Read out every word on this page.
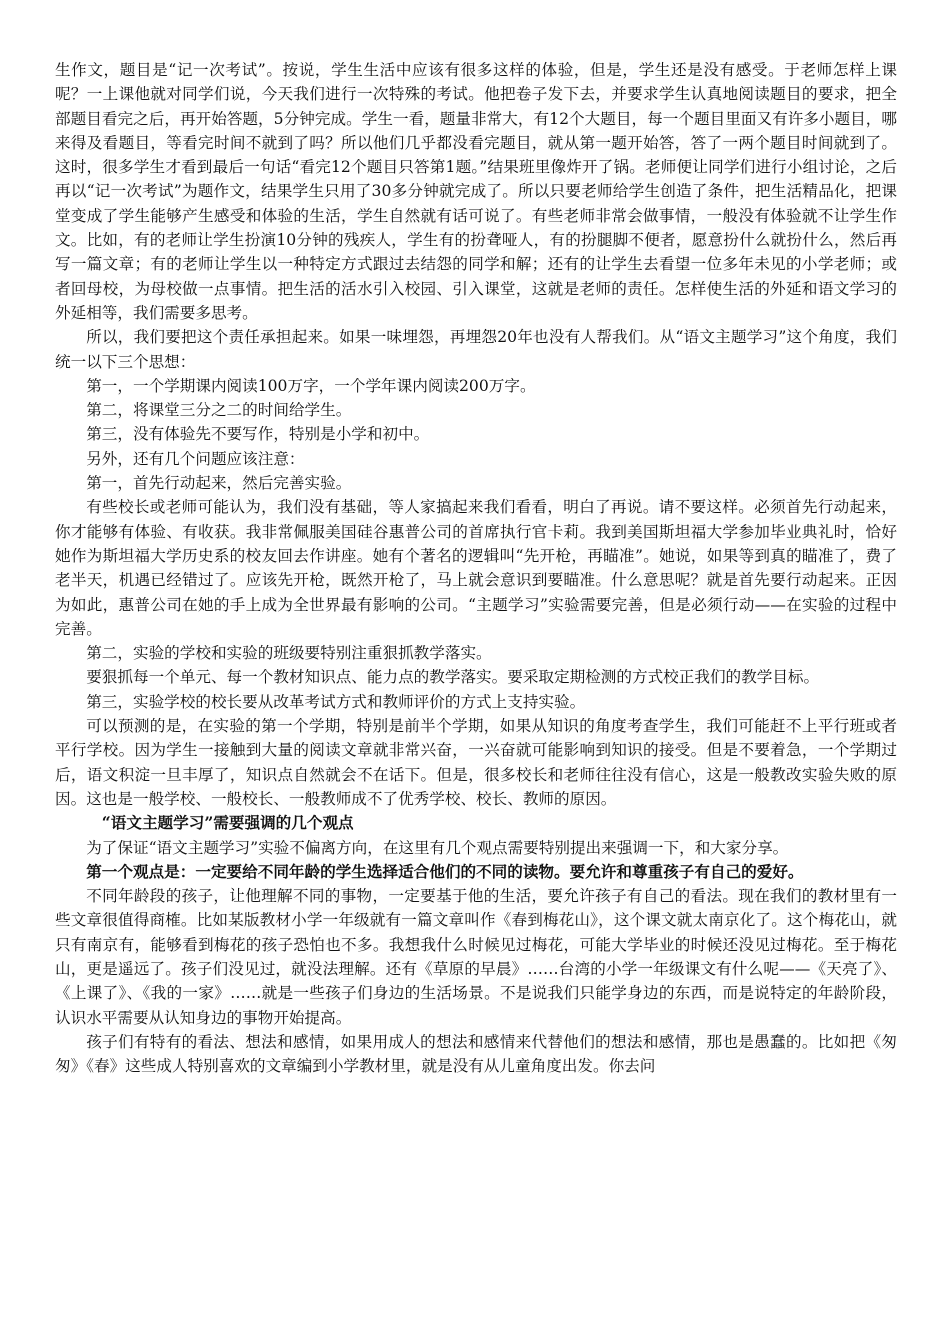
生作文，题目是“记一次考试”。按说，学生生活中应该有很多这样的体验，但是，学生还是没有感受。于老师怎样上课呢？一上课他就对同学们说，今天我们进行一次特殊的考试。他把卷子发下去，并要求学生认真地阅读题目的要求，把全部题目看完之后，再开始答题，5分钟完成。学生一看，题量非常大，有12个大题目，每一个题目里面又有许多小题目，哪来得及看题目，等看完时间不就到了吗？所以他们几乎都没看完题目，就从第一题开始答，答了一两个题目时间就到了。这时，很多学生才看到最后一句话“看完12个题目只答第1题。”结果班里像炸开了锅。老师便让同学们进行小组讨论，之后再以“记一次考试”为题作文，结果学生只用了30多分钟就完成了。所以只要老师给学生创造了条件，把生活精品化，把课堂变成了学生能够产生感受和体验的生活，学生自然就有话可说了。有些老师非常会做事情，一般没有体验就不让学生作文。比如，有的老师让学生扮演10分钟的残疾人，学生有的扮聋哑人，有的扮腿脚不便者，愿意扮什么就扮什么，然后再写一篇文章；有的老师让学生以一种特定方式跟过去结怨的同学和解；还有的让学生去看望一位多年未见的小学老师；或者回母校，为母校做一点事情。把生活的活水引入校园、引入课堂，这就是老师的责任。怎样使生活的外延和语文学习的外延相等，我们需要多思考。

所以，我们要把这个责任承担起来。如果一味埋怨，再埋怨20年也没有人帮我们。从“语文主题学习”这个角度，我们统一以下三个思想：

第一，一个学期课内阅读100万字，一个学年课内阅读200万字。

第二，将课堂三分之二的时间给学生。

第三，没有体验先不要写作，特别是小学和初中。

另外，还有几个问题应该注意：

第一，首先行动起来，然后完善实验。

有些校长或老师可能认为，我们没有基础，等人家搞起来我们看看，明白了再说。请不要这样。必须首先行动起来，你才能够有体验、有收获。我非常佩服美国硅谷惠普公司的首席执行官卡莉。我到美国斯坦福大学参加毕业典礼时，恰好她作为斯坦福大学历史系的校友回去作讲座。她有个著名的逻辑叫“先开枪，再瞄准”。她说，如果等到真的瞄准了，费了老半天，机遇已经错过了。应该先开枪，既然开枪了，马上就会意识到要瞄准。什么意思呢？就是首先要行动起来。正因为如此，惠普公司在她的手上成为全世界最有影响的公司。“主题学习”实验需要完善，但是必须行动——在实验的过程中完善。

第二，实验的学校和实验的班级要特别注重狠抓教学落实。

要狠抓每一个单元、每一个教材知识点、能力点的教学落实。要采取定期检测的方式校正我们的教学目标。

第三，实验学校的校长要从改革考试方式和教师评价的方式上支持实验。

可以预测的是，在实验的第一个学期，特别是前半个学期，如果从知识的角度考查学生，我们可能赶不上平行班或者平行学校。因为学生一接触到大量的阅读文章就非常兴奋，一兴奋就可能影响到知识的接受。但是不要着急，一个学期过后，语文积淀一旦丰厚了，知识点自然就会不在话下。但是，很多校长和老师往往没有信心，这是一般教改实验失败的原因。这也是一般学校、一般校长、一般教师成不了优秀学校、校长、教师的原因。

“语文主题学习”需要强调的几个观点

为了保证“语文主题学习”实验不偏离方向，在这里有几个观点需要特别提出来强调一下，和大家分享。

第一个观点是：一定要给不同年龄的学生选择适合他们的不同的读物。要允许和尊重孩子有自己的爱好。

不同年龄段的孩子，让他理解不同的事物，一定要基于他的生活，要允许孩子有自己的看法。现在我们的教材里有一些文章很值得商榷。比如某版教材小学一年级就有一篇文章叫作《春到梅花山》，这个课文就太南京化了。这个梅花山，就只有南京有，能够看到梅花的孩子恐怕也不多。我想我什么时候见过梅花，可能大学毕业的时候还没见过梅花。至于梅花山，更是遥远了。孩子们没见过，就没法理解。还有《草原的早晨》……台湾的小学一年级课文有什么呢——《天亮了》、《上课了》、《我的一家》……就是一些孩子们身边的生活场景。不是说我们只能学身边的东西，而是说特定的年龄阶段，认识水平需要从认知身边的事物开始提高。

孩子们有特有的看法、想法和感情，如果用成人的想法和感情来代替他们的想法和感情，那也是愚蠢的。比如把《匆匆》《春》这些成人特别喜欢的文章编到小学教材里，就是没有从儿童角度出发。你去问
